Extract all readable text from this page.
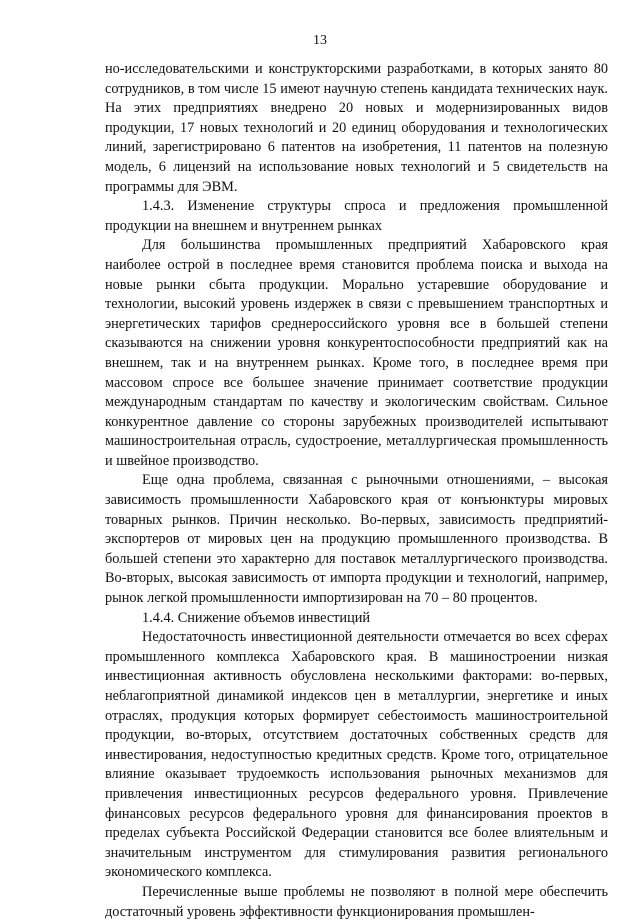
13

но-исследовательскими и конструкторскими разработками, в которых занято 80 сотрудников, в том числе 15 имеют научную степень кандидата технических наук. На этих предприятиях внедрено 20 новых и модернизированных видов продукции, 17 новых технологий и 20 единиц оборудования и технологических линий, зарегистрировано 6 патентов на изобретения, 11 патентов на полезную модель, 6 лицензий на использование новых технологий и 5 свидетельств на программы для ЭВМ.

1.4.3. Изменение структуры спроса и предложения промышленной продукции на внешнем и внутреннем рынках

Для большинства промышленных предприятий Хабаровского края наиболее острой в последнее время становится проблема поиска и выхода на новые рынки сбыта продукции. Морально устаревшие оборудование и технологии, высокий уровень издержек в связи с превышением транспортных и энергетических тарифов среднероссийского уровня все в большей степени сказываются на снижении уровня конкурентоспособности предприятий как на внешнем, так и на внутреннем рынках. Кроме того, в последнее время при массовом спросе все большее значение принимает соответствие продукции международным стандартам по качеству и экологическим свойствам. Сильное конкурентное давление со стороны зарубежных производителей испытывают машиностроительная отрасль, судостроение, металлургическая промышленность и швейное производство.

Еще одна проблема, связанная с рыночными отношениями, – высокая зависимость промышленности Хабаровского края от конъюнктуры мировых товарных рынков. Причин несколько. Во-первых, зависимость предприятий-экспортеров от мировых цен на продукцию промышленного производства. В большей степени это характерно для поставок металлургического производства. Во-вторых, высокая зависимость от импорта продукции и технологий, например, рынок легкой промышленности импортизирован на 70 – 80 процентов.

1.4.4. Снижение объемов инвестиций

Недостаточность инвестиционной деятельности отмечается во всех сферах промышленного комплекса Хабаровского края. В машиностроении низкая инвестиционная активность обусловлена несколькими факторами: во-первых, неблагоприятной динамикой индексов цен в металлургии, энергетике и иных отраслях, продукция которых формирует себестоимость машиностроительной продукции, во-вторых, отсутствием достаточных собственных средств для инвестирования, недоступностью кредитных средств. Кроме того, отрицательное влияние оказывает трудоемкость использования рыночных механизмов для привлечения инвестиционных ресурсов федерального уровня. Привлечение финансовых ресурсов федерального уровня для финансирования проектов в пределах субъекта Российской Федерации становится все более влиятельным и значительным инструментом для стимулирования развития регионального экономического комплекса.

Перечисленные выше проблемы не позволяют в полной мере обеспечить достаточный уровень эффективности функционирования промышлен-
